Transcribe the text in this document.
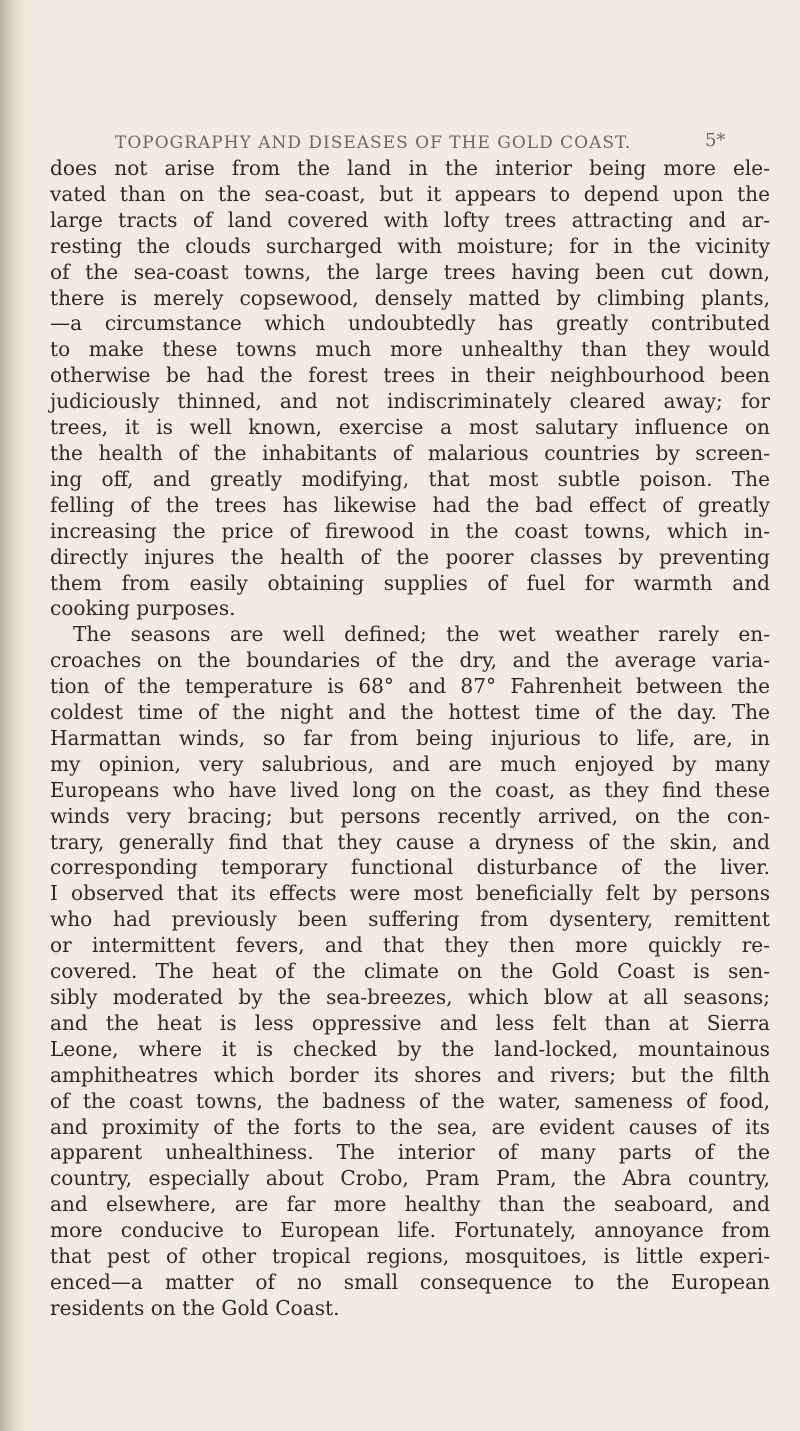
TOPOGRAPHY AND DISEASES OF THE GOLD COAST.	5*
does not arise from the land in the interior being more ele-
vated than on the sea-coast, but it appears to depend upon the
large tracts of land covered with lofty trees attracting and ar-
resting the clouds surcharged with moisture; for in the vicinity
of the sea-coast towns, the large trees having been cut down,
there is merely copsewood, densely matted by climbing plants,
—a circumstance which undoubtedly has greatly contributed
to make these towns much more unhealthy than they would
otherwise be had the forest trees in their neighbourhood been
judiciously thinned, and not indiscriminately cleared away; for
trees, it is well known, exercise a most salutary influence on
the health of the inhabitants of malarious countries by screen-
ing off, and greatly modifying, that most subtle poison. The
felling of the trees has likewise had the bad effect of greatly
increasing the price of firewood in the coast towns, which in-
directly injures the health of the poorer classes by preventing
them from easily obtaining supplies of fuel for warmth and
cooking purposes.
The seasons are well defined; the wet weather rarely en-
croaches on the boundaries of the dry, and the average varia-
tion of the temperature is 68° and 87° Fahrenheit between the
coldest time of the night and the hottest time of the day. The
Harmattan winds, so far from being injurious to life, are, in
my opinion, very salubrious, and are much enjoyed by many
Europeans who have lived long on the coast, as they find these
winds very bracing; but persons recently arrived, on the con-
trary, generally find that they cause a dryness of the skin, and
corresponding temporary functional disturbance of the liver.
I observed that its effects were most beneficially felt by persons
who had previously been suffering from dysentery, remittent
or intermittent fevers, and that they then more quickly re-
covered. The heat of the climate on the Gold Coast is sen-
sibly moderated by the sea-breezes, which blow at all seasons;
and the heat is less oppressive and less felt than at Sierra
Leone, where it is checked by the land-locked, mountainous
amphitheatres which border its shores and rivers; but the filth
of the coast towns, the badness of the water, sameness of food,
and proximity of the forts to the sea, are evident causes of its
apparent unhealthiness. The interior of many parts of the
country, especially about Crobo, Pram Pram, the Abra country,
and elsewhere, are far more healthy than the seaboard, and
more conducive to European life. Fortunately, annoyance from
that pest of other tropical regions, mosquitoes, is little experi-
enced—a matter of no small consequence to the European
residents on the Gold Coast.
